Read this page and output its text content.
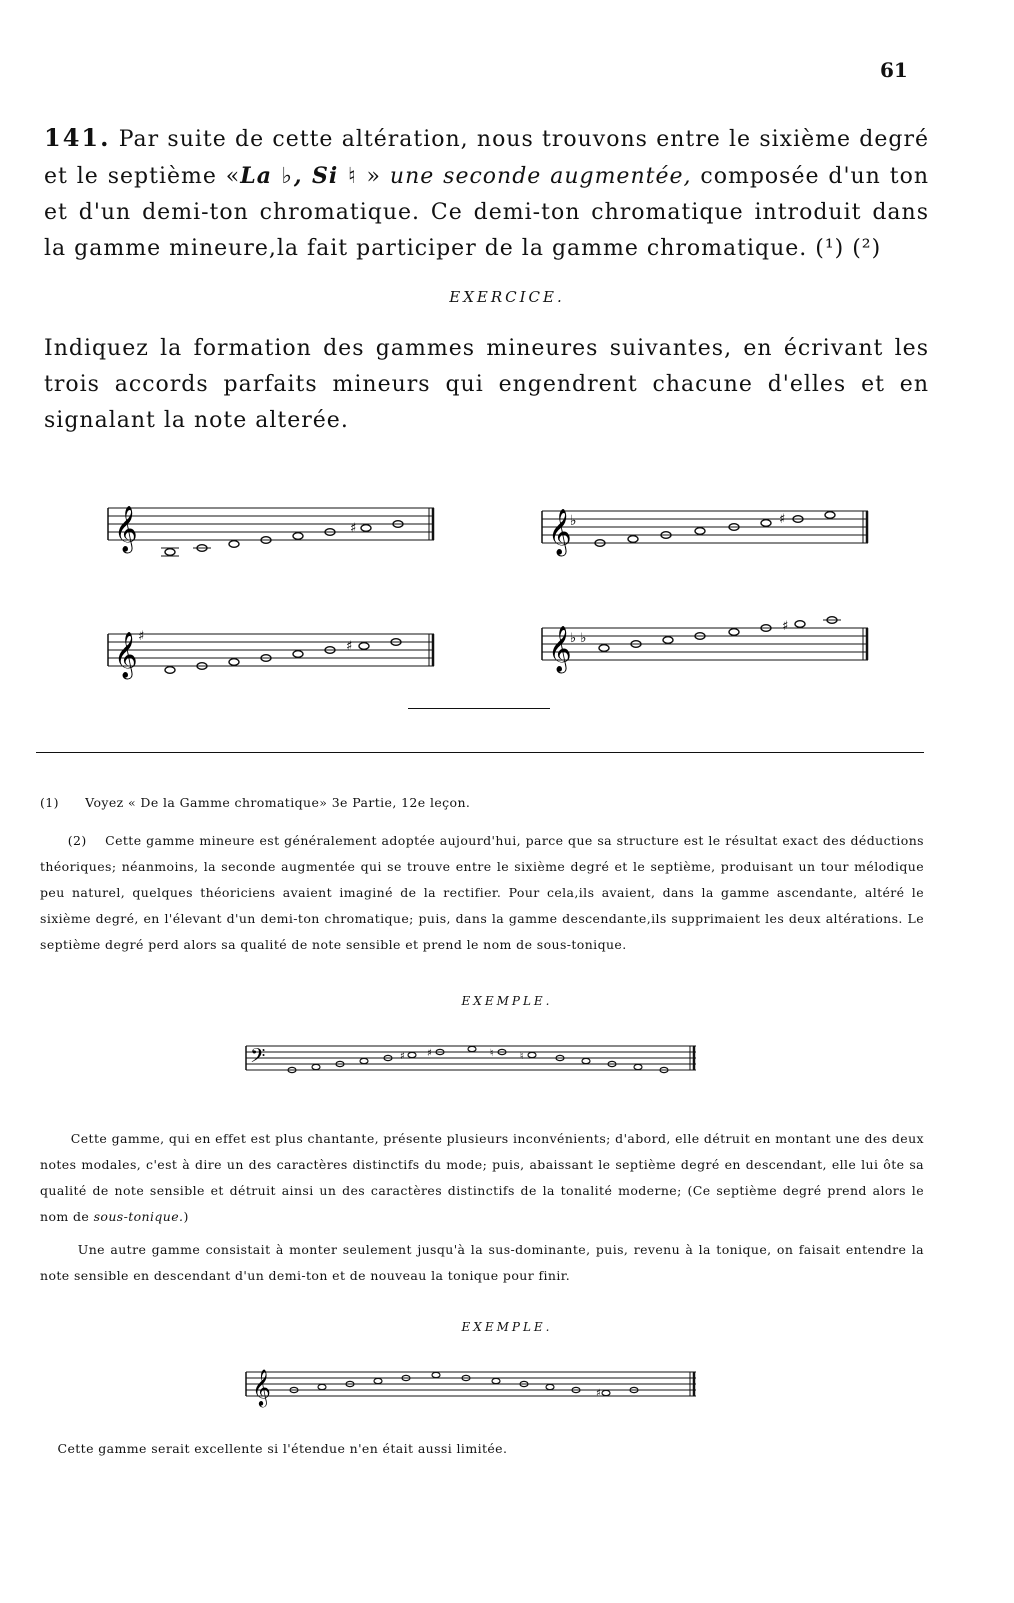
61
141. Par suite de cette altération, nous trouvons entre le sixième degré et le septième «La ♭, Si ♮ » une seconde augmentée, composée d'un ton et d'un demi-ton chromatique. Ce demi-ton chromatique introduit dans la gamme mineure,la fait participer de la gamme chromatique. (¹) (²)
EXERCICE.
Indiquez la formation des gammes mineures suivantes, en écrivant les trois accords parfaits mineurs qui engendrent chacune d'elles et en signalant la note alterée.
𝄞	♯	𝄞
♭	♯
𝄞 ♯
♯	𝄞
♭ ♭
♯
(1) Voyez « De la Gamme chromatique» 3e Partie, 12e leçon.
(2) Cette gamme mineure est généralement adoptée aujourd'hui, parce que sa structure est le résultat exact des déductions théoriques; néanmoins, la seconde augmentée qui se trouve entre le sixième degré et le septième, produisant un tour mélodique peu naturel, quelques théoriciens avaient imaginé de la rectifier. Pour cela,ils avaient, dans la gamme ascendante, altéré le sixième degré, en l'élevant d'un demi-ton chromatique; puis, dans la gamme descendante,ils supprimaient les deux altérations. Le septième degré perd alors sa qualité de note sensible et prend le nom de sous-tonique.
EXEMPLE.
𝄢	♯ ♯	♮	♮
Cette gamme, qui en effet est plus chantante, présente plusieurs inconvénients; d'abord, elle détruit en montant une des deux notes modales, c'est à dire un des caractères distinctifs du mode; puis, abaissant le septième degré en descendant, elle lui ôte sa qualité de note sensible et détruit ainsi un des caractères distinctifs de la tonalité moderne; (Ce septième degré prend alors le nom de sous-tonique.)
Une autre gamme consistait à monter seulement jusqu'à la sus-dominante, puis, revenu à la tonique, on faisait entendre la note sensible en descendant d'un demi-ton et de nouveau la tonique pour finir.
EXEMPLE.
𝄞	♯
Cette gamme serait excellente si l'étendue n'en était aussi limitée.
